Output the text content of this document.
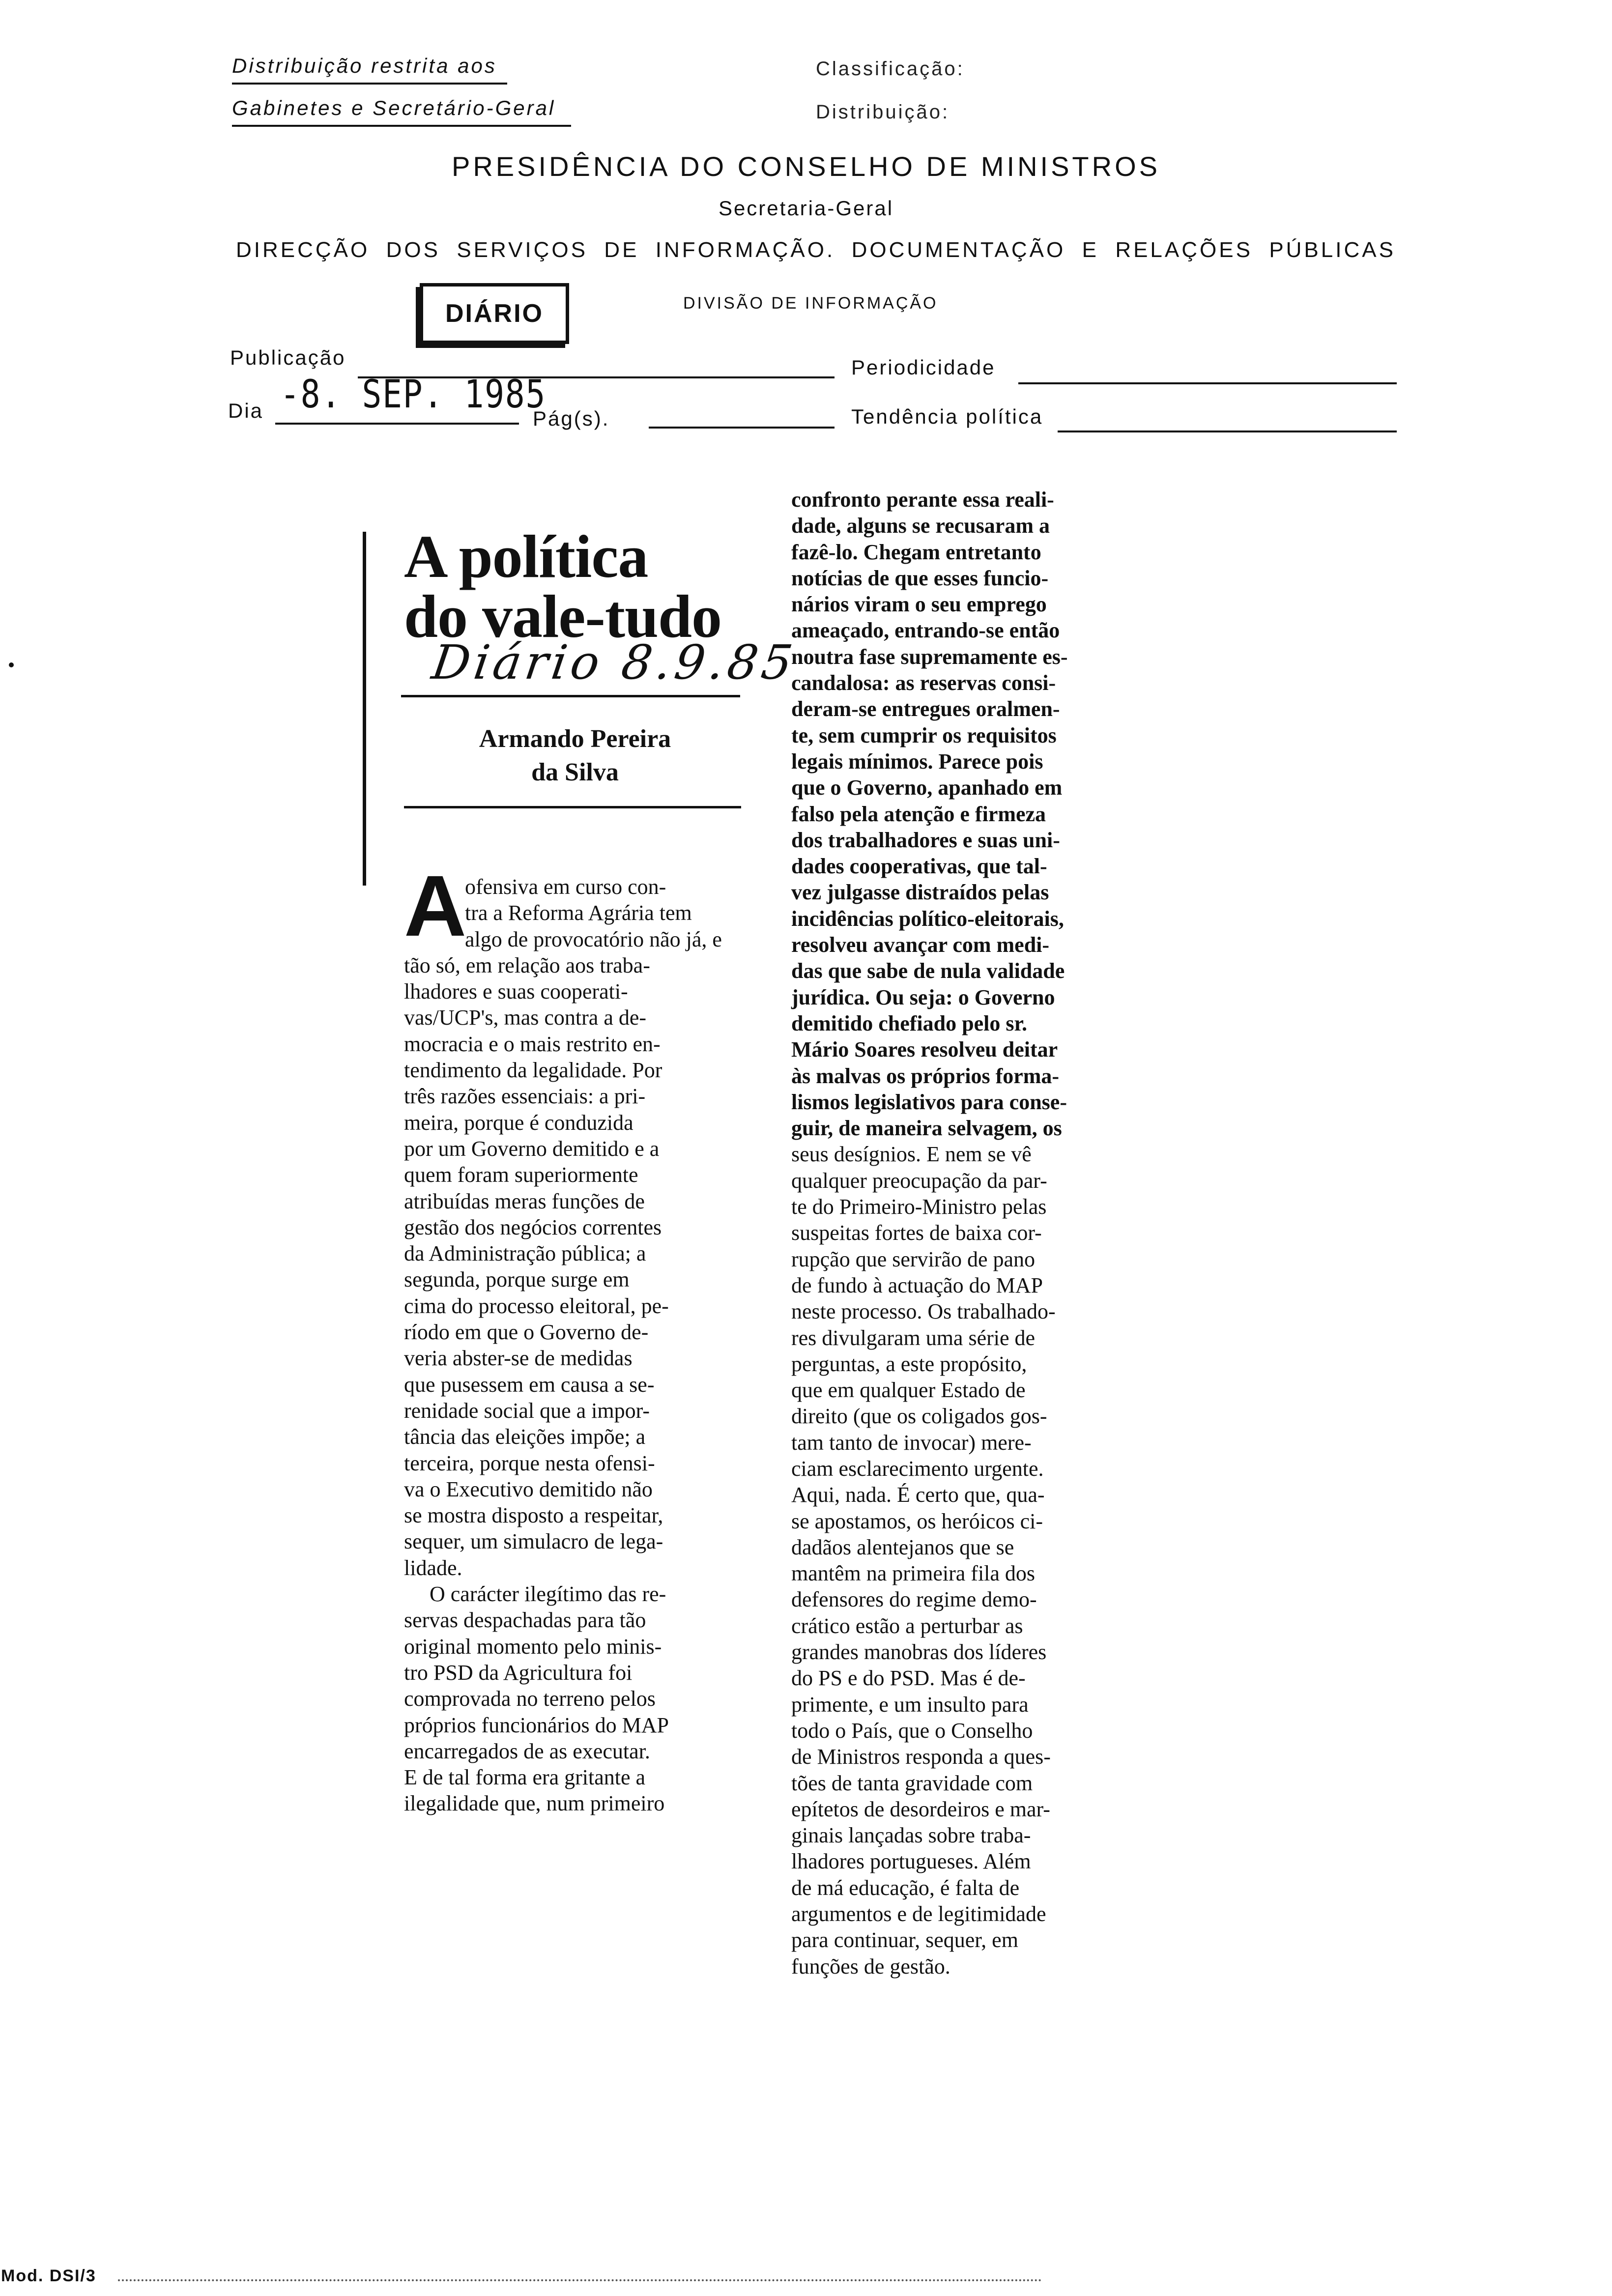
Distribuição restrita aos
Gabinetes e Secretário-Geral
Classificação:
Distribuição:
PRESIDÊNCIA DO CONSELHO DE MINISTROS
Secretaria-Geral
DIRECÇÃO DOS SERVIÇOS DE INFORMAÇÃO. DOCUMENTAÇÃO E RELAÇÕES PÚBLICAS
DIÁRIO	DIVISÃO DE INFORMAÇÃO
Publicação	Periodicidade
Dia -8. SEP. 1985
Pág(s).	Tendência política
A política
do vale-tudo
Diário 8.9.85
Armando Pereira
da Silva
A
ofensiva em curso con-
tra a Reforma Agrária tem
algo de provocatório não já, e
tão só, em relação aos traba-
lhadores e suas cooperati-
vas/UCP's, mas contra a de-
mocracia e o mais restrito en-
tendimento da legalidade. Por
três razões essenciais: a pri-
meira, porque é conduzida
por um Governo demitido e a
quem foram superiormente
atribuídas meras funções de
gestão dos negócios correntes
da Administração pública; a
segunda, porque surge em
cima do processo eleitoral, pe-
ríodo em que o Governo de-
veria abster-se de medidas
que pusessem em causa a se-
renidade social que a impor-
tância das eleições impõe; a
terceira, porque nesta ofensi-
va o Executivo demitido não
se mostra disposto a respeitar,
sequer, um simulacro de lega-
lidade.
O carácter ilegítimo das re-
servas despachadas para tão
original momento pelo minis-
tro PSD da Agricultura foi
comprovada no terreno pelos
próprios funcionários do MAP
encarregados de as executar.
E de tal forma era gritante a
ilegalidade que, num primeiro
confronto perante essa reali-
dade, alguns se recusaram a
fazê-lo. Chegam entretanto
notícias de que esses funcio-
nários viram o seu emprego
ameaçado, entrando-se então
noutra fase supremamente es-
candalosa: as reservas consi-
deram-se entregues oralmen-
te, sem cumprir os requisitos
legais mínimos. Parece pois
que o Governo, apanhado em
falso pela atenção e firmeza
dos trabalhadores e suas uni-
dades cooperativas, que tal-
vez julgasse distraídos pelas
incidências político-eleitorais,
resolveu avançar com medi-
das que sabe de nula validade
jurídica. Ou seja: o Governo
demitido chefiado pelo sr.
Mário Soares resolveu deitar
às malvas os próprios forma-
lismos legislativos para conse-
guir, de maneira selvagem, os
seus desígnios. E nem se vê
qualquer preocupação da par-
te do Primeiro-Ministro pelas
suspeitas fortes de baixa cor-
rupção que servirão de pano
de fundo à actuação do MAP
neste processo. Os trabalhado-
res divulgaram uma série de
perguntas, a este propósito,
que em qualquer Estado de
direito (que os coligados gos-
tam tanto de invocar) mere-
ciam esclarecimento urgente.
Aqui, nada. É certo que, qua-
se apostamos, os heróicos ci-
dadãos alentejanos que se
mantêm na primeira fila dos
defensores do regime demo-
crático estão a perturbar as
grandes manobras dos líderes
do PS e do PSD. Mas é de-
primente, e um insulto para
todo o País, que o Conselho
de Ministros responda a ques-
tões de tanta gravidade com
epítetos de desordeiros e mar-
ginais lançadas sobre traba-
lhadores portugueses. Além
de má educação, é falta de
argumentos e de legitimidade
para continuar, sequer, em
funções de gestão.
Mod. DSI/3
